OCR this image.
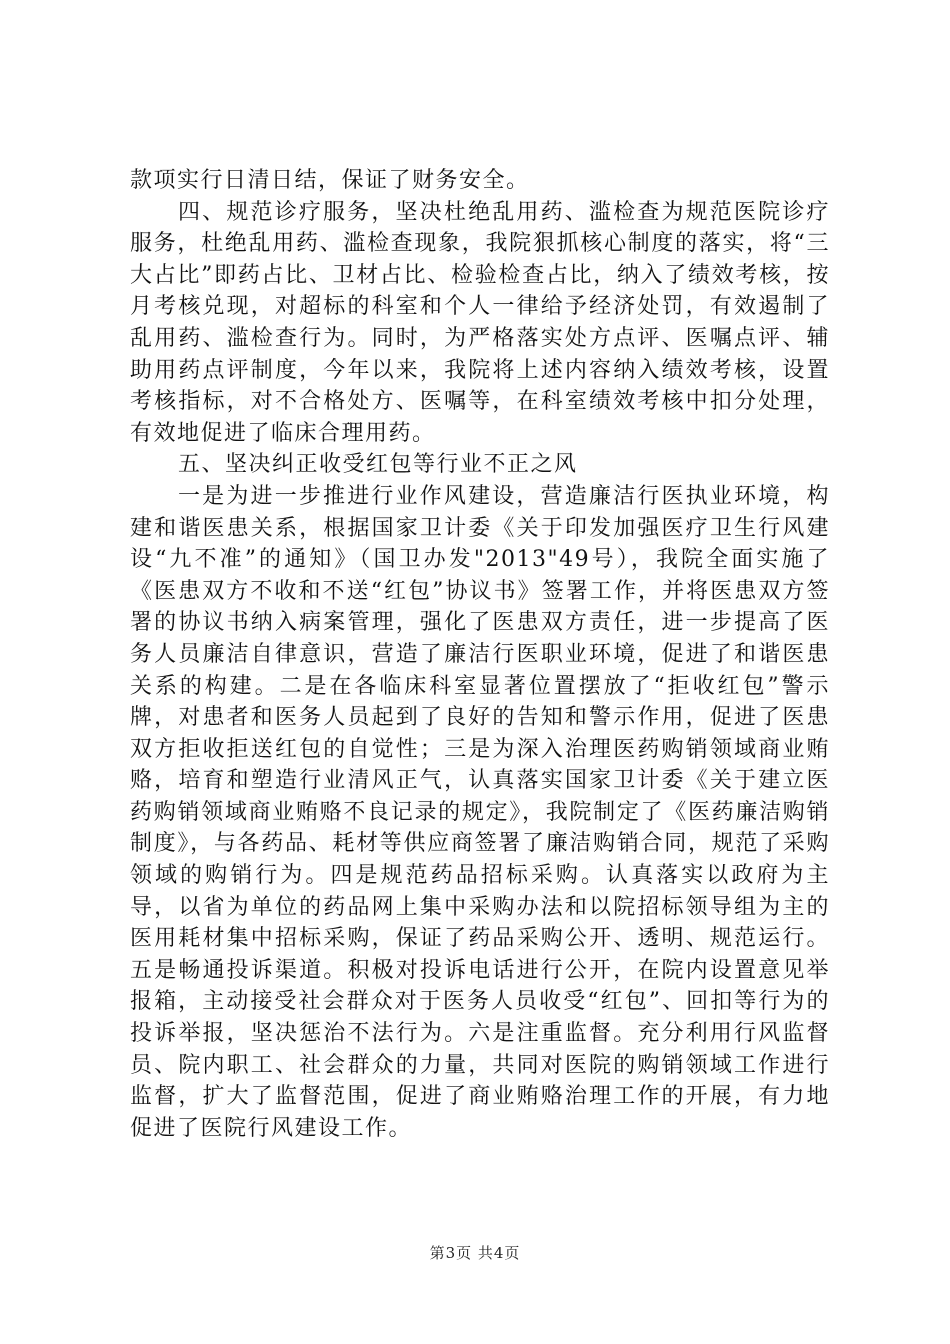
款项实行日清日结，保证了财务安全。

四、规范诊疗服务，坚决杜绝乱用药、滥检查为规范医院诊疗服务，杜绝乱用药、滥检查现象，我院狠抓核心制度的落实，将“三大占比”即药占比、卫材占比、检验检查占比，纳入了绩效考核，按月考核兑现，对超标的科室和个人一律给予经济处罚，有效遏制了乱用药、滥检查行为。同时，为严格落实处方点评、医嘱点评、辅助用药点评制度，今年以来，我院将上述内容纳入绩效考核，设置考核指标，对不合格处方、医嘱等，在科室绩效考核中扣分处理，有效地促进了临床合理用药。

五、坚决纠正收受红包等行业不正之风

一是为进一步推进行业作风建设，营造廉洁行医执业环境，构建和谐医患关系，根据国家卫计委《关于印发加强医疗卫生行风建设“九不准”的通知》（国卫办发"2013"49号），我院全面实施了《医患双方不收和不送“红包”协议书》签署工作，并将医患双方签署的协议书纳入病案管理，强化了医患双方责任，进一步提高了医务人员廉洁自律意识，营造了廉洁行医职业环境，促进了和谐医患关系的构建。二是在各临床科室显著位置摆放了“拒收红包”警示牌，对患者和医务人员起到了良好的告知和警示作用，促进了医患双方拒收拒送红包的自觉性；三是为深入治理医药购销领域商业贿赂，培育和塑造行业清风正气，认真落实国家卫计委《关于建立医药购销领域商业贿赂不良记录的规定》，我院制定了《医药廉洁购销制度》，与各药品、耗材等供应商签署了廉洁购销合同，规范了采购领域的购销行为。四是规范药品招标采购。认真落实以政府为主导，以省为单位的药品网上集中采购办法和以院招标领导组为主的医用耗材集中招标采购，保证了药品采购公开、透明、规范运行。五是畅通投诉渠道。积极对投诉电话进行公开，在院内设置意见举报箱，主动接受社会群众对于医务人员收受“红包”、回扣等行为的投诉举报，坚决惩治不法行为。六是注重监督。充分利用行风监督员、院内职工、社会群众的力量，共同对医院的购销领域工作进行监督，扩大了监督范围，促进了商业贿赂治理工作的开展，有力地促进了医院行风建设工作。

第3页 共4页
